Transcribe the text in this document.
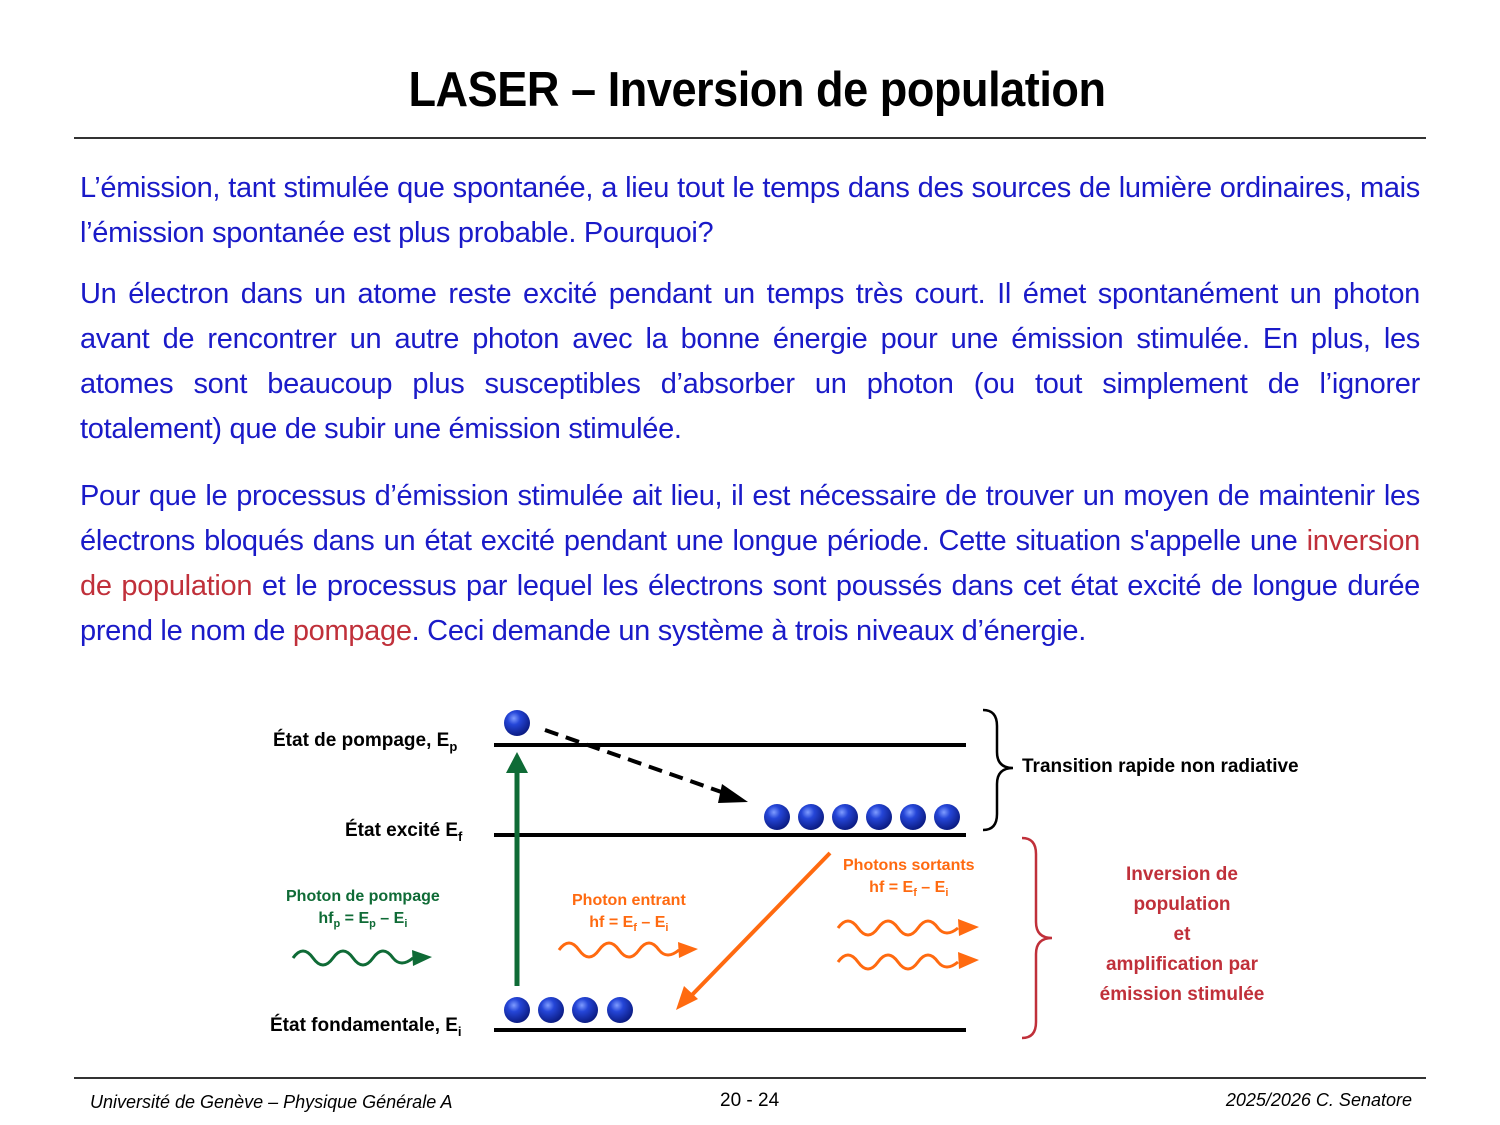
LASER – Inversion de population
L’émission, tant stimulée que spontanée, a lieu tout le temps dans des sources de lumière ordinaires, mais l’émission spontanée est plus probable. Pourquoi?
Un électron dans un atome reste excité pendant un temps très court. Il émet spontanément un photon avant de rencontrer un autre photon avec la bonne énergie pour une émission stimulée. En plus, les atomes sont beaucoup plus susceptibles d’absorber un photon (ou tout simplement de l’ignorer totalement) que de subir une émission stimulée.
Pour que le processus d’émission stimulée ait lieu, il est nécessaire de trouver un moyen de maintenir les électrons bloqués dans un état excité pendant une longue période. Cette situation s'appelle une inversion de population et le processus par lequel les électrons sont poussés dans cet état excité de longue durée prend le nom de pompage. Ceci demande un système à trois niveaux d’énergie.
État de pompage, $E_p$
État excité $E_f$
État fondamentale, $E_i$
Photon de pompage
$hf_p = E_p - E_i$
Photon entrant
hf = $E_f - E_i$
Photons sortants
hf = $E_f - E_i$
Transition rapide non radiative
Inversion de
population
et
amplification par
émission stimulée
Université de Genève – Physique Générale A	20 - 24	2025/2026 C. Senatore
